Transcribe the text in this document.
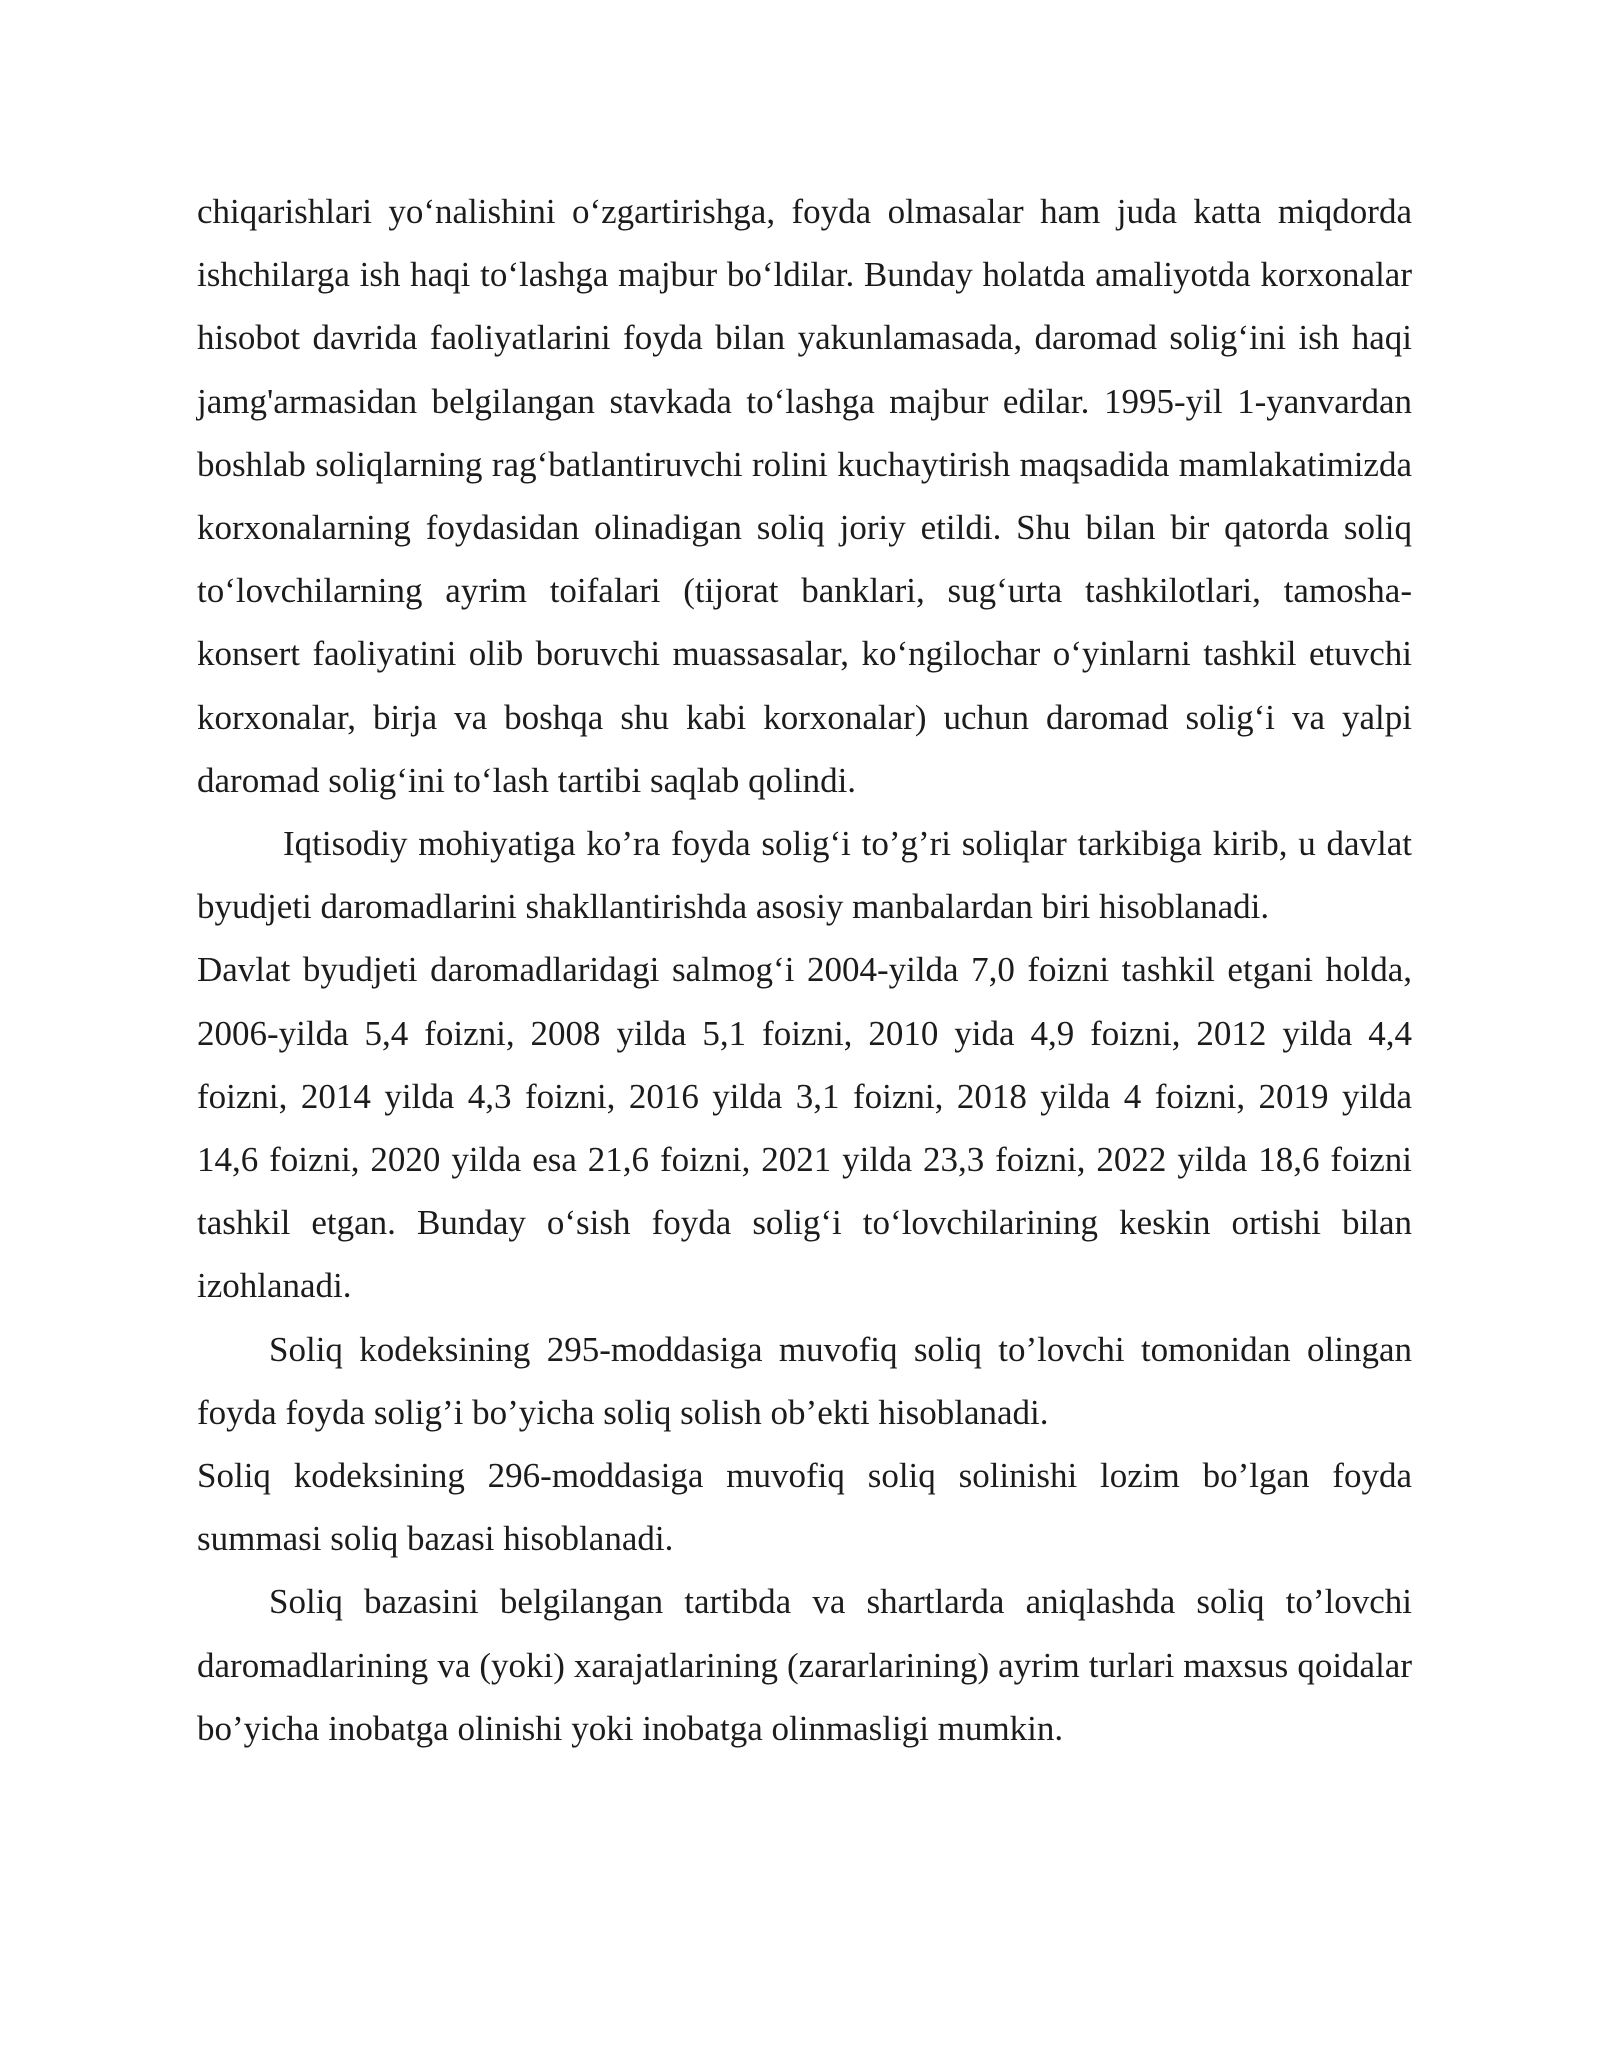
chiqarishlari yo‘nalishini o‘zgartirishga, foyda olmasalar ham juda katta miqdorda ishchilarga ish haqi to‘lashga majbur bo‘ldilar. Bunday holatda amaliyotda korxonalar hisobot davrida faoliyatlarini foyda bilan yakunlamasada, daromad solig‘ini ish haqi jamg'armasidan belgilangan stavkada to‘lashga majbur edilar. 1995-yil 1-yanvardan boshlab soliqlarning rag‘batlantiruvchi rolini kuchaytirish maqsadida mamlakatimizda korxonalarning foydasidan olinadigan soliq joriy etildi. Shu bilan bir qatorda soliq to‘lovchilarning ayrim toifalari (tijorat banklari, sug‘urta tashkilotlari, tamosha-konsert faoliyatini olib boruvchi muassasalar, ko‘ngilochar o‘yinlarni tashkil etuvchi korxonalar, birja va boshqa shu kabi korxonalar) uchun daromad solig‘i va yalpi daromad solig‘ini to‘lash tartibi saqlab qolindi.

Iqtisodiy mohiyatiga ko’ra foyda solig‘i to’g’ri soliqlar tarkibiga kirib, u davlat byudjeti daromadlarini shakllantirishda asosiy manbalardan biri hisoblanadi.

Davlat byudjeti daromadlaridagi salmog‘i 2004-yilda 7,0 foizni tashkil etgani holda, 2006-yilda 5,4 foizni, 2008 yilda 5,1 foizni, 2010 yida 4,9 foizni, 2012 yilda 4,4 foizni, 2014 yilda 4,3 foizni, 2016 yilda 3,1 foizni, 2018 yilda 4 foizni, 2019 yilda 14,6 foizni, 2020 yilda esa 21,6 foizni, 2021 yilda 23,3 foizni, 2022 yilda 18,6 foizni tashkil etgan. Bunday o‘sish foyda solig‘i to‘lovchilarining keskin ortishi bilan izohlanadi.

Soliq kodeksining 295-moddasiga muvofiq soliq to’lovchi tomonidan olingan foyda foyda solig’i bo’yicha soliq solish ob’ekti hisoblanadi.

Soliq kodeksining 296-moddasiga muvofiq soliq solinishi lozim bo’lgan foyda summasi soliq bazasi hisoblanadi.

Soliq bazasini belgilangan tartibda va shartlarda aniqlashda soliq to’lovchi daromadlarining va (yoki) xarajatlarining (zararlarining) ayrim turlari maxsus qoidalar bo’yicha inobatga olinishi yoki inobatga olinmasligi mumkin.
